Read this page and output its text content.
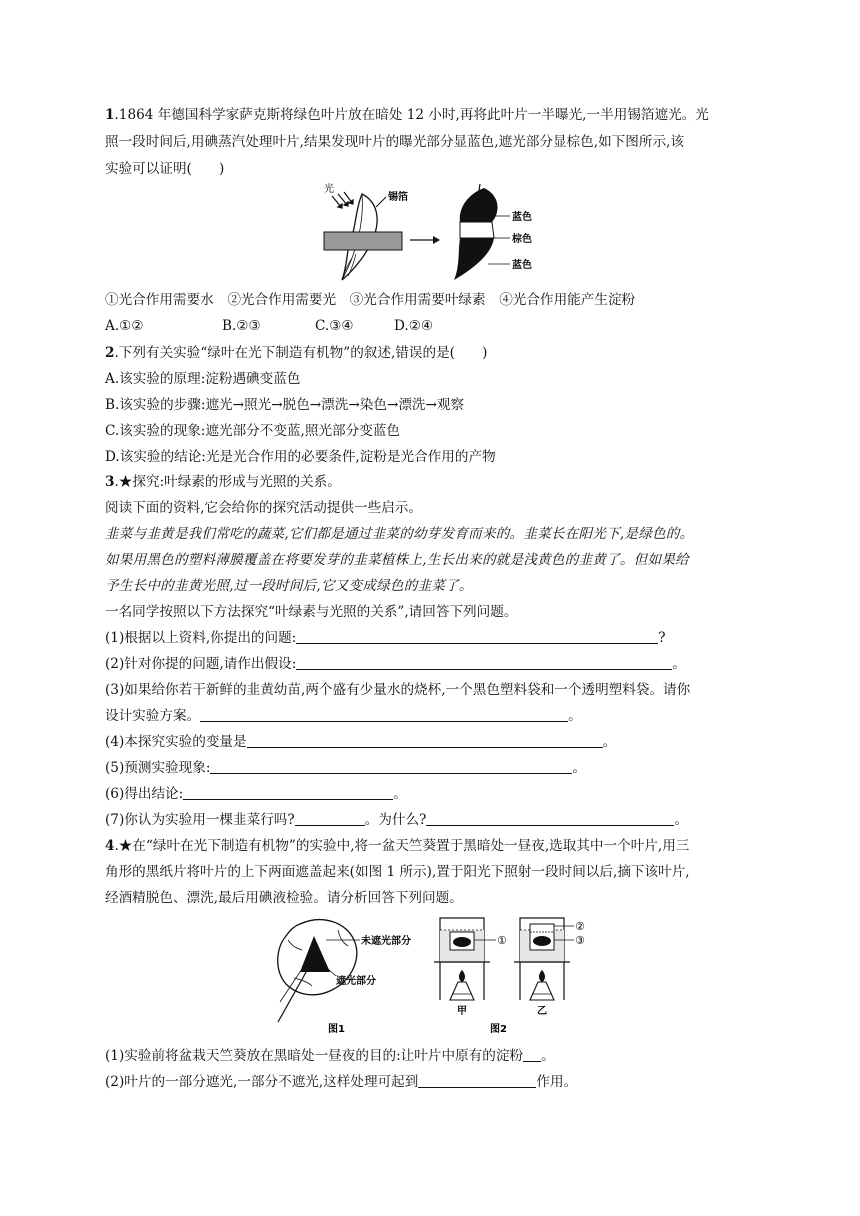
1.1864 年德国科学家萨克斯将绿色叶片放在暗处 12 小时,再将此叶片一半曝光,一半用锡箔遮光。光
照一段时间后,用碘蒸汽处理叶片,结果发现叶片的曝光部分显蓝色,遮光部分显棕色,如下图所示,该
实验可以证明(　　)
光
锡箔
蓝色
棕色
蓝色
①光合作用需要水　②光合作用需要光　③光合作用需要叶绿素　④光合作用能产生淀粉
A.①②	B.②③	C.③④	D.②④
2.下列有关实验“绿叶在光下制造有机物”的叙述,错误的是(　　)
A.该实验的原理:淀粉遇碘变蓝色
B.该实验的步骤:遮光→照光→脱色→漂洗→染色→漂洗→观察
C.该实验的现象:遮光部分不变蓝,照光部分变蓝色
D.该实验的结论:光是光合作用的必要条件,淀粉是光合作用的产物
3.★探究:叶绿素的形成与光照的关系。
阅读下面的资料,它会给你的探究活动提供一些启示。
韭菜与韭黄是我们常吃的蔬菜,它们都是通过韭菜的幼芽发育而来的。韭菜长在阳光下,是绿色的。
如果用黑色的塑料薄膜覆盖在将要发芽的韭菜植株上,生长出来的就是浅黄色的韭黄了。但如果给
予生长中的韭黄光照,过一段时间后,它又变成绿色的韭菜了。
一名同学按照以下方法探究“叶绿素与光照的关系”,请回答下列问题。
(1)根据以上资料,你提出的问题:	?
(2)针对你提的问题,请作出假设:	。
(3)如果给你若干新鲜的韭黄幼苗,两个盛有少量水的烧杯,一个黑色塑料袋和一个透明塑料袋。请你
设计实验方案。	。
(4)本探究实验的变量是	。
(5)预测实验现象:	。
(6)得出结论:	。
(7)你认为实验用一棵韭菜行吗?	。为什么?	。
4.★在“绿叶在光下制造有机物”的实验中,将一盆天竺葵置于黑暗处一昼夜,选取其中一个叶片,用三
角形的黑纸片将叶片的上下两面遮盖起来(如图 1 所示),置于阳光下照射一段时间以后,摘下该叶片,
经酒精脱色、漂洗,最后用碘液检验。请分析回答下列问题。
未遮光部分
遮光部分
图1
①
甲
②
③
乙
图2
(1)实验前将盆栽天竺葵放在黑暗处一昼夜的目的:让叶片中原有的淀粉 。
(2)叶片的一部分遮光,一部分不遮光,这样处理可起到	作用。
